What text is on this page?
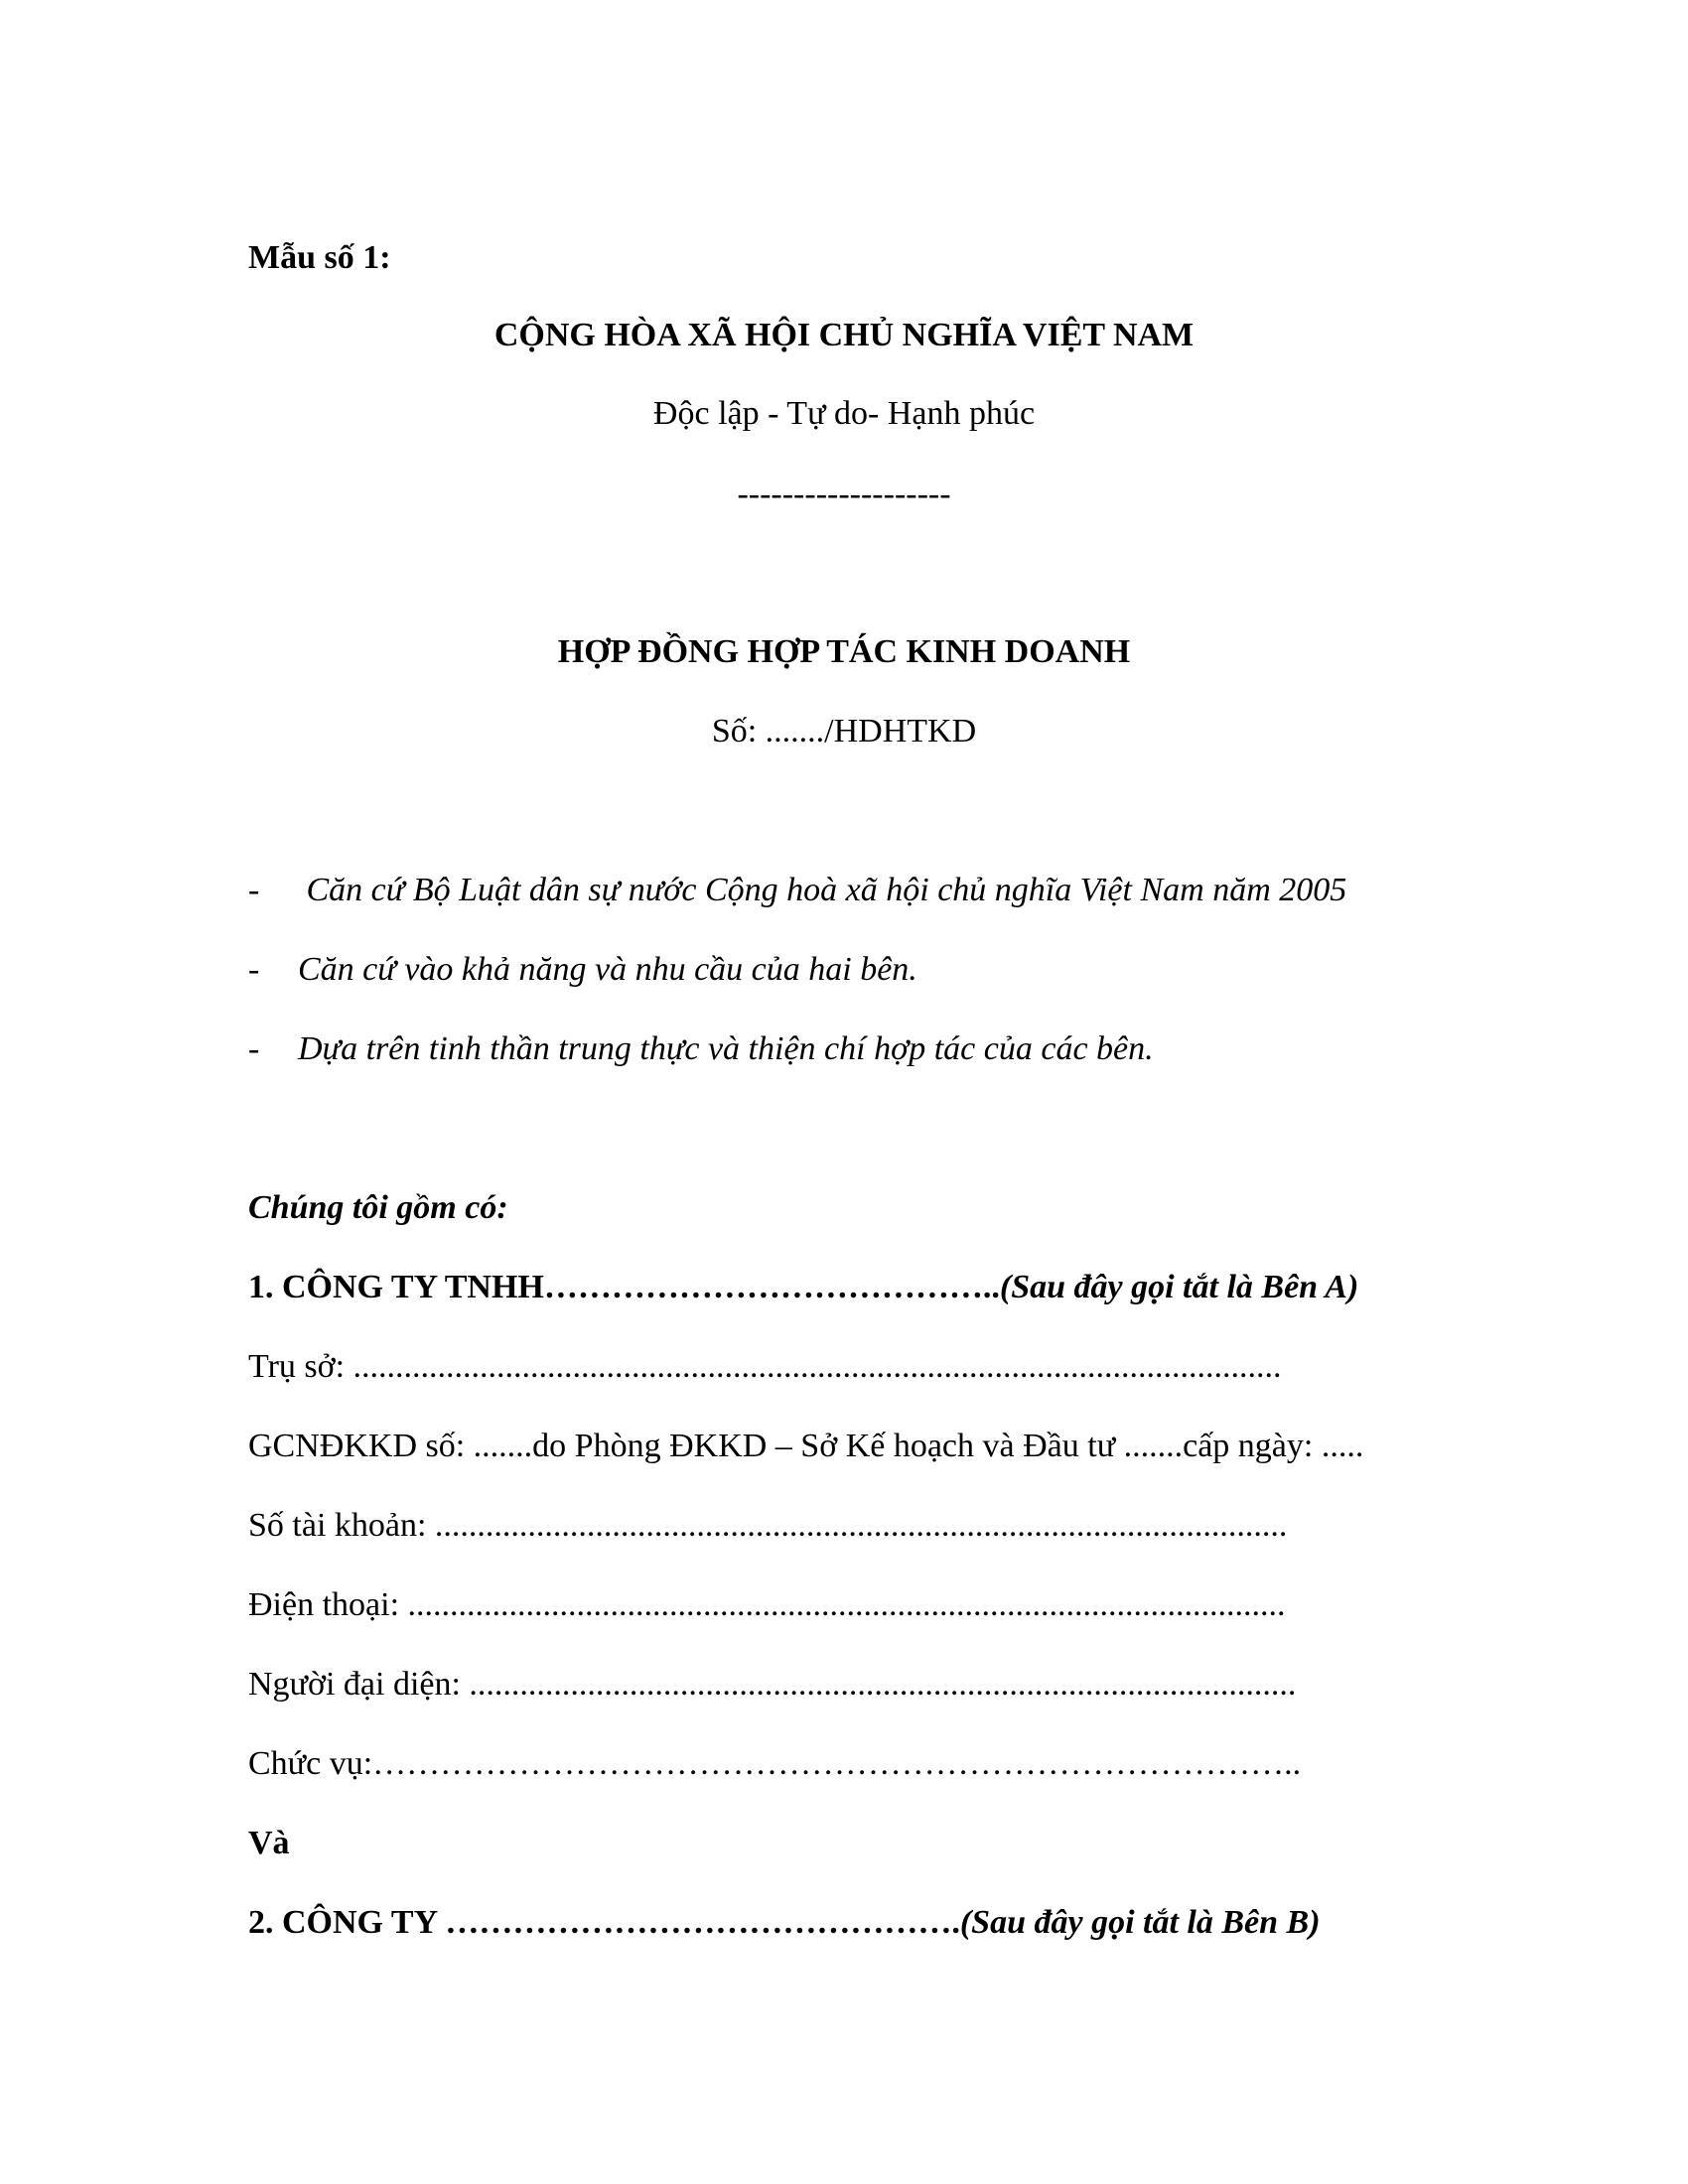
Mẫu số 1:
CỘNG HÒA XÃ HỘI CHỦ NGHĨA VIỆT NAM
Độc lập - Tự do- Hạnh phúc
-------------------
HỢP ĐỒNG HỢP TÁC KINH DOANH
Số: ......./HDHTKD
- Căn cứ Bộ Luật dân sự nước Cộng hoà xã hội chủ nghĩa Việt Nam năm 2005
- Căn cứ vào khả năng và nhu cầu của hai bên.
- Dựa trên tinh thần trung thực và thiện chí hợp tác của các bên.
Chúng tôi gồm có:
1. CÔNG TY TNHH…………………………………..(Sau đây gọi tắt là Bên A)
Trụ sở: ..............................................................................................................
GCNĐKKD số: .......do Phòng ĐKKD – Sở Kế hoạch và Đầu tư .......cấp ngày: .....
Số tài khoản: .....................................................................................................
Điện thoại: ........................................................................................................
Người đại diện: ..................................................................................................
Chức vụ:………………………………………………………………………..
Và
2. CÔNG TY ……………………………………….(Sau đây gọi tắt là Bên B)
